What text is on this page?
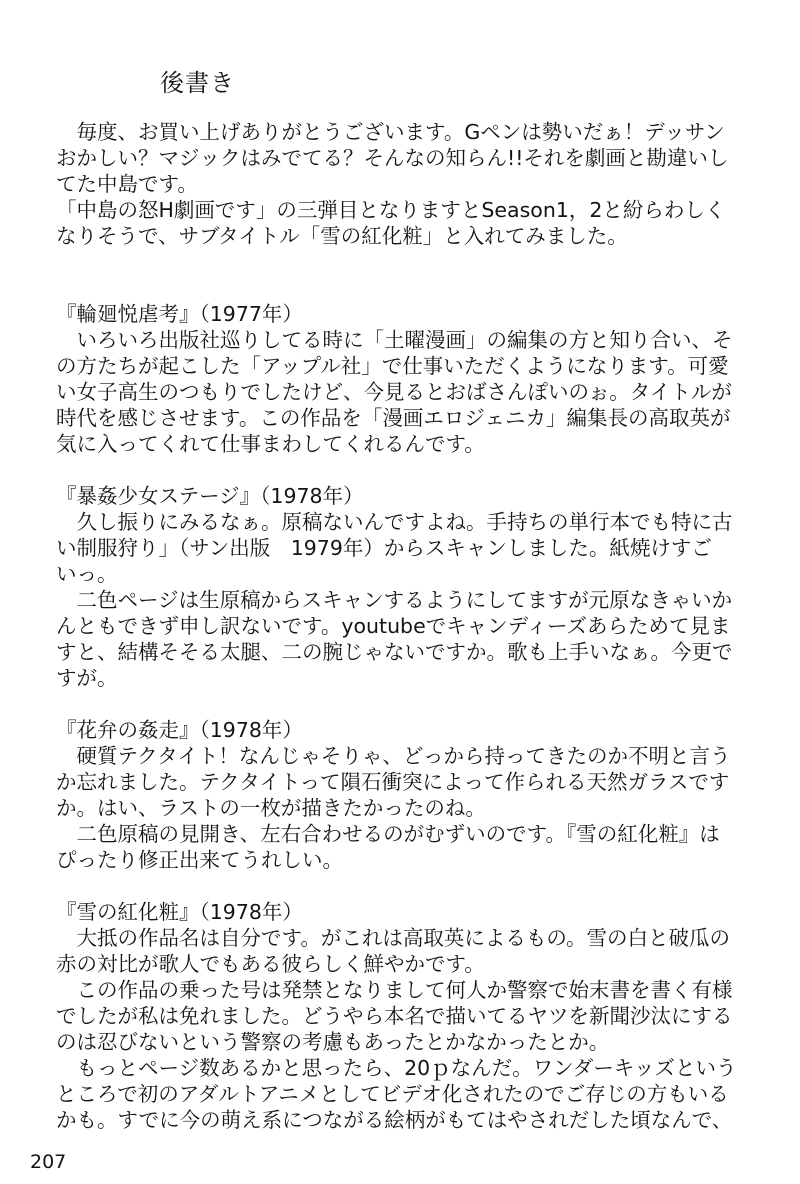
後書き
　毎度、お買い上げありがとうございます。Gペンは勢いだぁ！デッサン
おかしい？マジックはみでてる？そんなの知らん!!それを劇画と勘違いし
てた中島です。
「中島の怒H劇画です」の三弾目となりますとSeason1，2と紛らわしく
なりそうで、サブタイトル「雪の紅化粧」と入れてみました。
『輪廻悦虐考』（1977年）
　いろいろ出版社巡りしてる時に「土曜漫画」の編集の方と知り合い、そ
の方たちが起こした「アップル社」で仕事いただくようになります。可愛
い女子高生のつもりでしたけど、今見るとおばさんぽいのぉ。タイトルが
時代を感じさせます。この作品を「漫画エロジェニカ」編集長の高取英が
気に入ってくれて仕事まわしてくれるんです。
『暴姦少女ステージ』（1978年）
　久し振りにみるなぁ。原稿ないんですよね。手持ちの単行本でも特に古
い制服狩り」（サン出版　1979年）からスキャンしました。紙焼けすご
いっ。
　二色ページは生原稿からスキャンするようにしてますが元原なきゃいか
んともできず申し訳ないです。youtubeでキャンディーズあらためて見ま
すと、結構そそる太腿、二の腕じゃないですか。歌も上手いなぁ。今更で
すが。
『花弁の姦走』（1978年）
　硬質テクタイト！なんじゃそりゃ、どっから持ってきたのか不明と言う
か忘れました。テクタイトって隕石衝突によって作られる天然ガラスです
か。はい、ラストの一枚が描きたかったのね。
　二色原稿の見開き、左右合わせるのがむずいのです。『雪の紅化粧』は
ぴったり修正出来てうれしい。
『雪の紅化粧』（1978年）
　大抵の作品名は自分です。がこれは高取英によるもの。雪の白と破瓜の
赤の対比が歌人でもある彼らしく鮮やかです。
　この作品の乗った号は発禁となりまして何人か警察で始末書を書く有様
でしたが私は免れました。どうやら本名で描いてるヤツを新聞沙汰にする
のは忍びないという警察の考慮もあったとかなかったとか。
　もっとページ数あるかと思ったら、20ｐなんだ。ワンダーキッズという
ところで初のアダルトアニメとしてビデオ化されたのでご存じの方もいる
かも。すでに今の萌え系につながる絵柄がもてはやされだした頃なんで、
207
